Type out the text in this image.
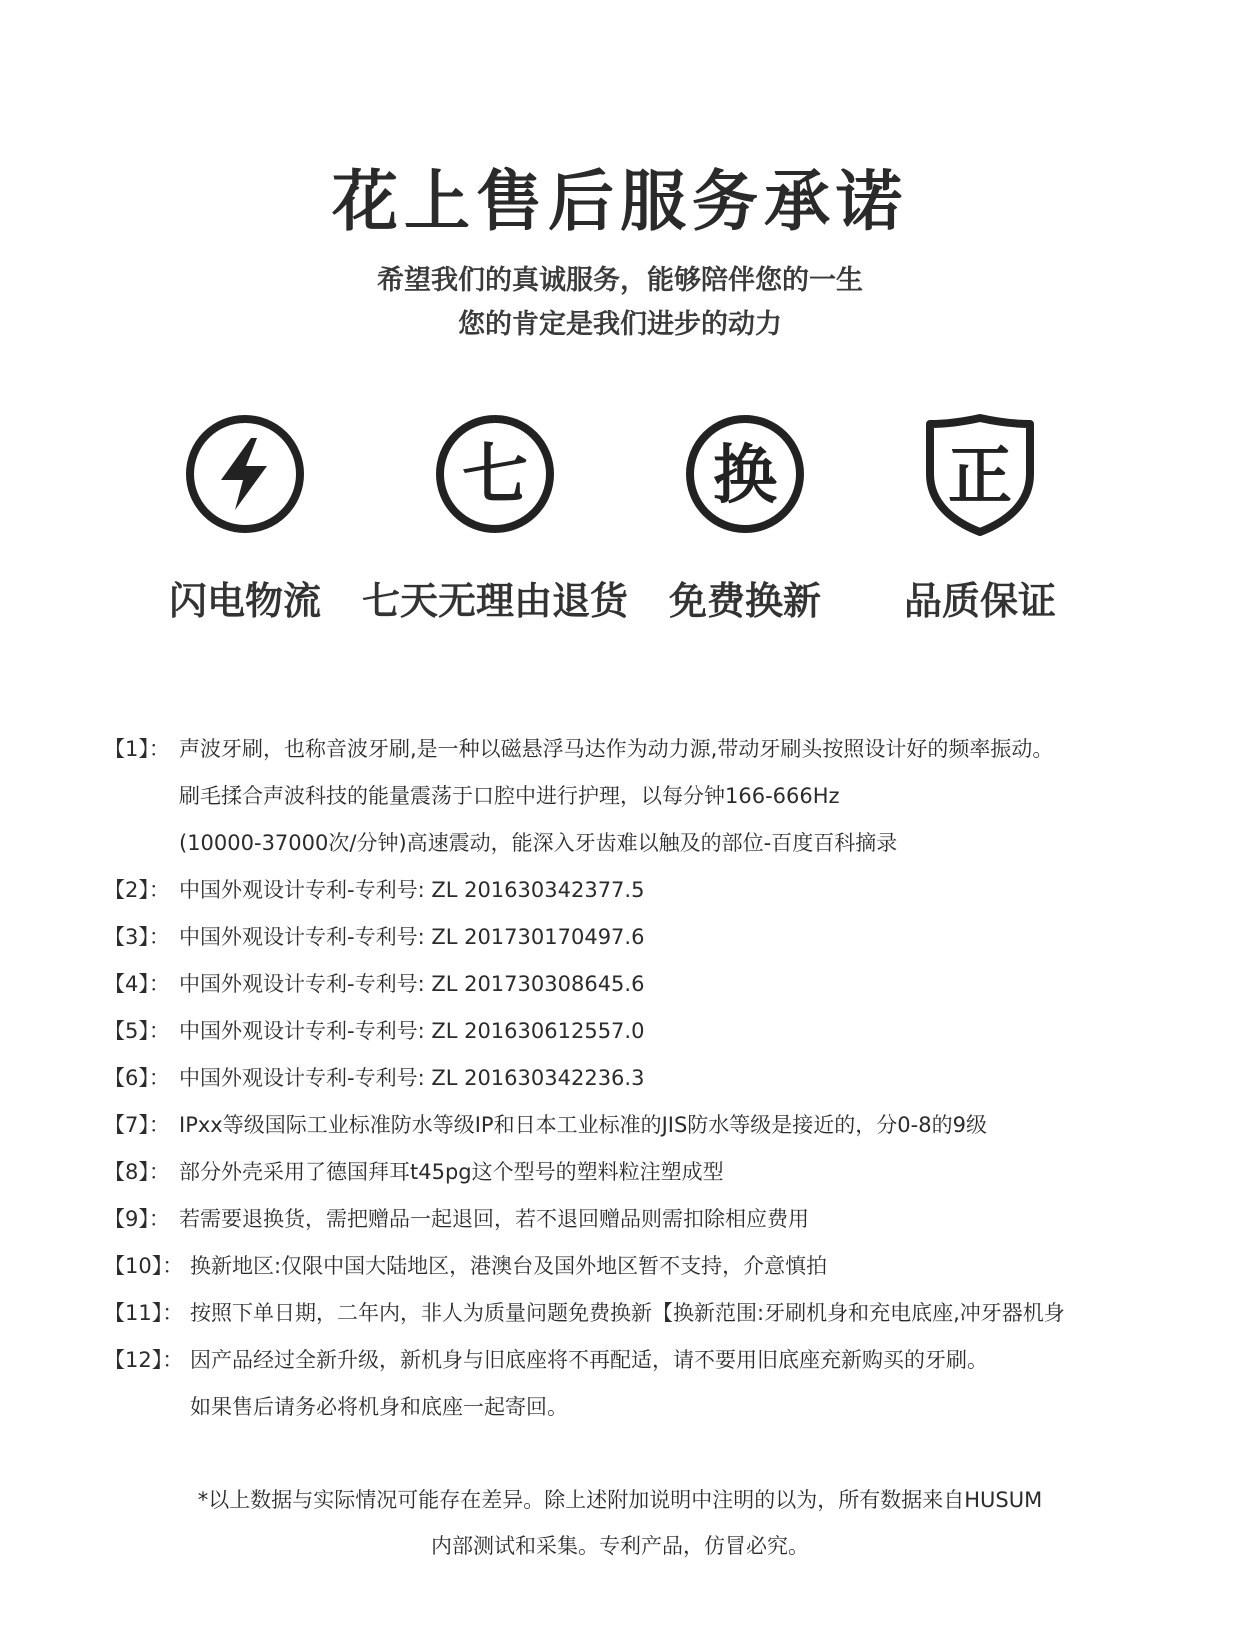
花上售后服务承诺
希望我们的真诚服务，能够陪伴您的一生
您的肯定是我们进步的动力
闪电物流
七
七天无理由退货
换
免费换新
正
品质保证
【1】： 声波牙刷，也称音波牙刷,是一种以磁悬浮马达作为动力源,带动牙刷头按照设计好的频率振动。
刷毛揉合声波科技的能量震荡于口腔中进行护理，以每分钟166-666Hz
(10000-37000次/分钟)高速震动，能深入牙齿难以触及的部位-百度百科摘录
【2】： 中国外观设计专利-专利号: ZL 201630342377.5
【3】： 中国外观设计专利-专利号: ZL 201730170497.6
【4】： 中国外观设计专利-专利号: ZL 201730308645.6
【5】： 中国外观设计专利-专利号: ZL 201630612557.0
【6】： 中国外观设计专利-专利号: ZL 201630342236.3
【7】： IPxx等级国际工业标准防水等级IP和日本工业标准的JIS防水等级是接近的，分0-8的9级
【8】： 部分外壳采用了德国拜耳t45pg这个型号的塑料粒注塑成型
【9】： 若需要退换货，需把赠品一起退回，若不退回赠品则需扣除相应费用
【10】： 换新地区:仅限中国大陆地区，港澳台及国外地区暂不支持，介意慎拍
【11】： 按照下单日期，二年内，非人为质量问题免费换新【换新范围:牙刷机身和充电底座,冲牙器机身
【12】： 因产品经过全新升级，新机身与旧底座将不再配适，请不要用旧底座充新购买的牙刷。
如果售后请务必将机身和底座一起寄回。
*以上数据与实际情况可能存在差异。除上述附加说明中注明的以为，所有数据来自HUSUM
内部测试和采集。专利产品，仿冒必究。
